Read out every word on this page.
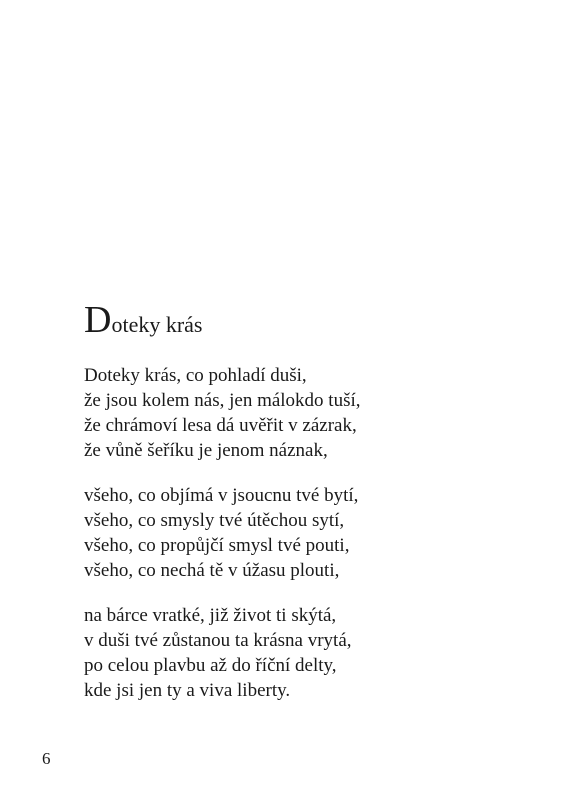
Doteky krás
Doteky krás, co pohladí duši,
že jsou kolem nás, jen málokdo tuší,
že chrámoví lesa dá uvěřit v zázrak,
že vůně šeříku je jenom náznak,
všeho, co objímá v jsoucnu tvé bytí,
všeho, co smysly tvé útěchou sytí,
všeho, co propůjčí smysl tvé pouti,
všeho, co nechá tě v úžasu plouti,
na bárce vratké, již život ti skýtá,
v duši tvé zůstanou ta krásna vrytá,
po celou plavbu až do říční delty,
kde jsi jen ty a viva liberty.
6
